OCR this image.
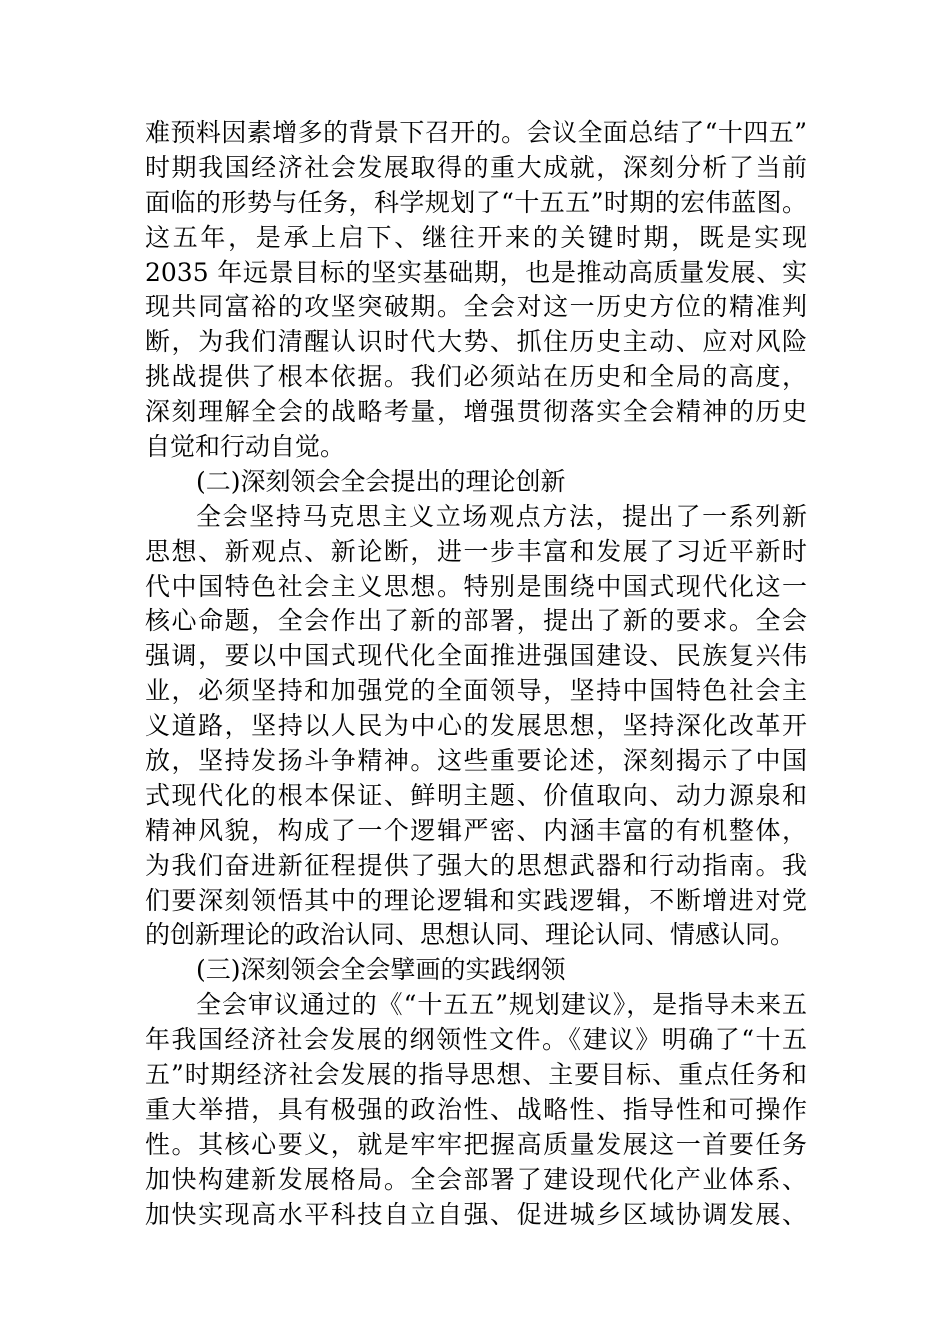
难预料因素增多的背景下召开的。会议全面总结了“十四五”
时期我国经济社会发展取得的重大成就，深刻分析了当前
面临的形势与任务，科学规划了“十五五”时期的宏伟蓝图。
这五年，是承上启下、继往开来的关键时期，既是实现
2035 年远景目标的坚实基础期，也是推动高质量发展、实
现共同富裕的攻坚突破期。全会对这一历史方位的精准判
断，为我们清醒认识时代大势、抓住历史主动、应对风险
挑战提供了根本依据。我们必须站在历史和全局的高度，
深刻理解全会的战略考量，增强贯彻落实全会精神的历史
自觉和行动自觉。
(二)深刻领会全会提出的理论创新
全会坚持马克思主义立场观点方法，提出了一系列新
思想、新观点、新论断，进一步丰富和发展了习近平新时
代中国特色社会主义思想。特别是围绕中国式现代化这一
核心命题，全会作出了新的部署，提出了新的要求。全会
强调，要以中国式现代化全面推进强国建设、民族复兴伟
业，必须坚持和加强党的全面领导，坚持中国特色社会主
义道路，坚持以人民为中心的发展思想，坚持深化改革开
放，坚持发扬斗争精神。这些重要论述，深刻揭示了中国
式现代化的根本保证、鲜明主题、价值取向、动力源泉和
精神风貌，构成了一个逻辑严密、内涵丰富的有机整体，
为我们奋进新征程提供了强大的思想武器和行动指南。我
们要深刻领悟其中的理论逻辑和实践逻辑，不断增进对党
的创新理论的政治认同、思想认同、理论认同、情感认同。
(三)深刻领会全会擘画的实践纲领
全会审议通过的《“十五五”规划建议》，是指导未来五
年我国经济社会发展的纲领性文件。《建议》明确了“十五
五”时期经济社会发展的指导思想、主要目标、重点任务和
重大举措，具有极强的政治性、战略性、指导性和可操作
性。其核心要义，就是牢牢把握高质量发展这一首要任务
加快构建新发展格局。全会部署了建设现代化产业体系、
加快实现高水平科技自立自强、促进城乡区域协调发展、
